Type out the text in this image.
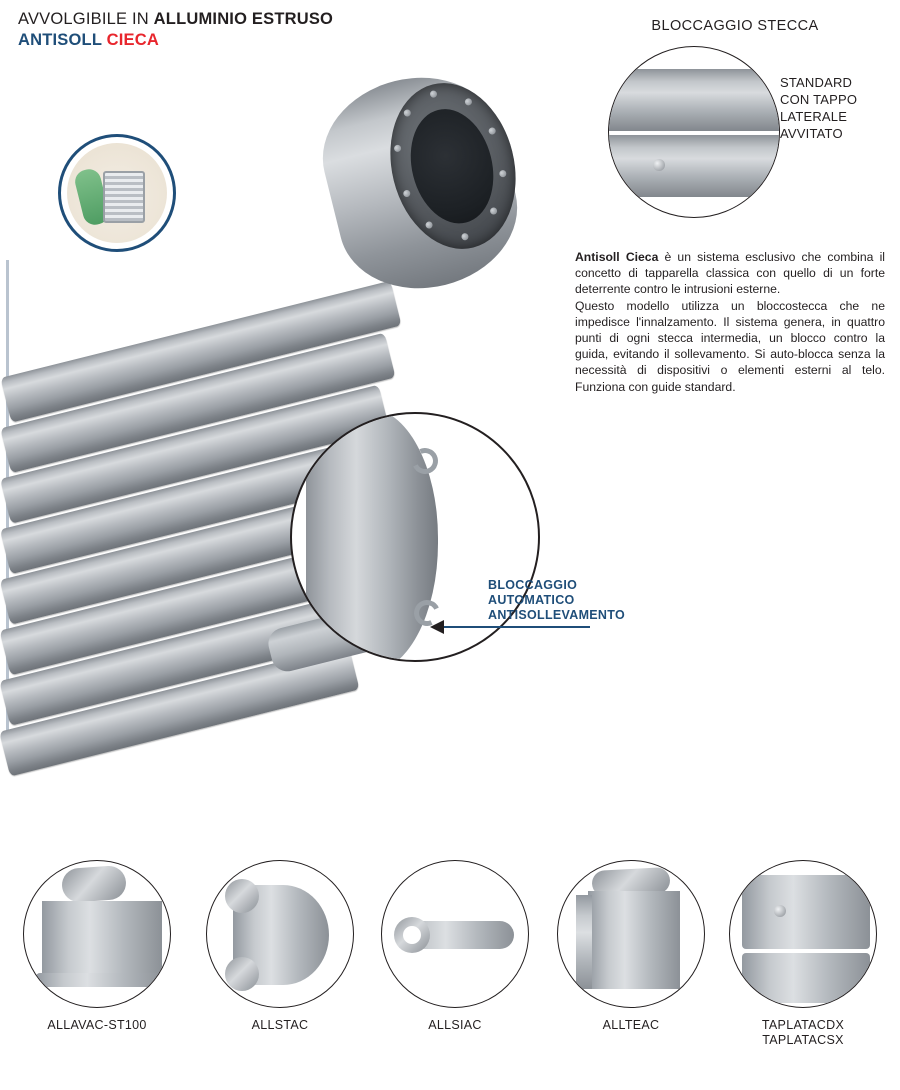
AVVOLGIBILE IN ALLUMINIO ESTRUSO
ANTISOLL CIECA
BLOCCAGGIO
AUTOMATICO
ANTISOLLEVAMENTO
BLOCCAGGIO STECCA
STANDARD
CON TAPPO
LATERALE
AVVITATO

Antisoll Cieca è un sistema esclusivo che combina il concetto di tapparella classica con quello di un forte deterrente contro le intrusioni esterne.

Questo modello utilizza un bloccostecca che ne impedisce l'innalzamento. Il sistema genera, in quattro punti di ogni stecca intermedia, un blocco contro la guida, evitando il sollevamento. Si auto-blocca senza la necessità di dispositivi o elementi esterni al telo. Funziona con guide standard.

ALLAVAC-ST100	ALLSTAC	ALLSIAC	ALLTEAC	TAPLATACDX
TAPLATACSX
